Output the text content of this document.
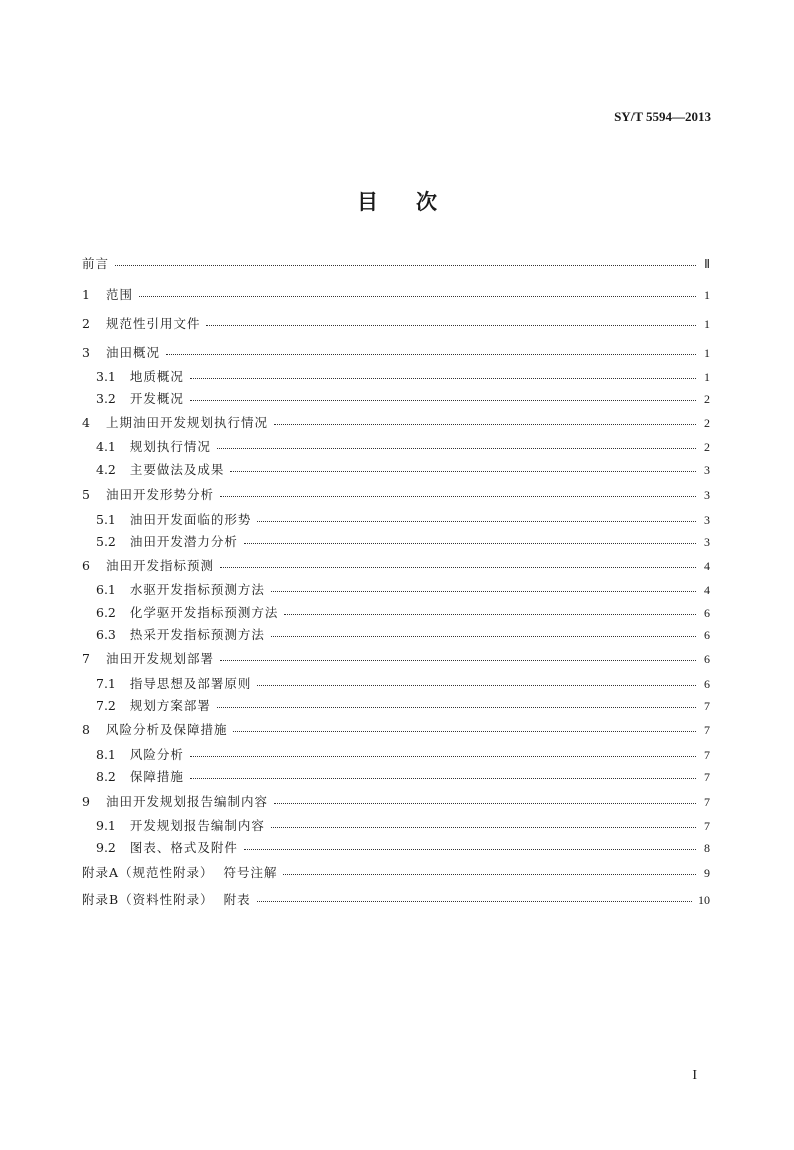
SY/T 5594—2013
目次
前言	Ⅱ
1 范围	1
2 规范性引用文件	1
3 油田概况	1
3.1 地质概况	1
3.2 开发概况	2
4 上期油田开发规划执行情况	2
4.1 规划执行情况	2
4.2 主要做法及成果	3
5 油田开发形势分析	3
5.1 油田开发面临的形势	3
5.2 油田开发潜力分析	3
6 油田开发指标预测	4
6.1 水驱开发指标预测方法	4
6.2 化学驱开发指标预测方法	6
6.3 热采开发指标预测方法	6
7 油田开发规划部署	6
7.1 指导思想及部署原则	6
7.2 规划方案部署	7
8 风险分析及保障措施	7
8.1 风险分析	7
8.2 保障措施	7
9 油田开发规划报告编制内容	7
9.1 开发规划报告编制内容	7
9.2 图表、格式及附件	8
附录A（规范性附录）  符号注解	9
附录B（资料性附录）  附表	10
I
